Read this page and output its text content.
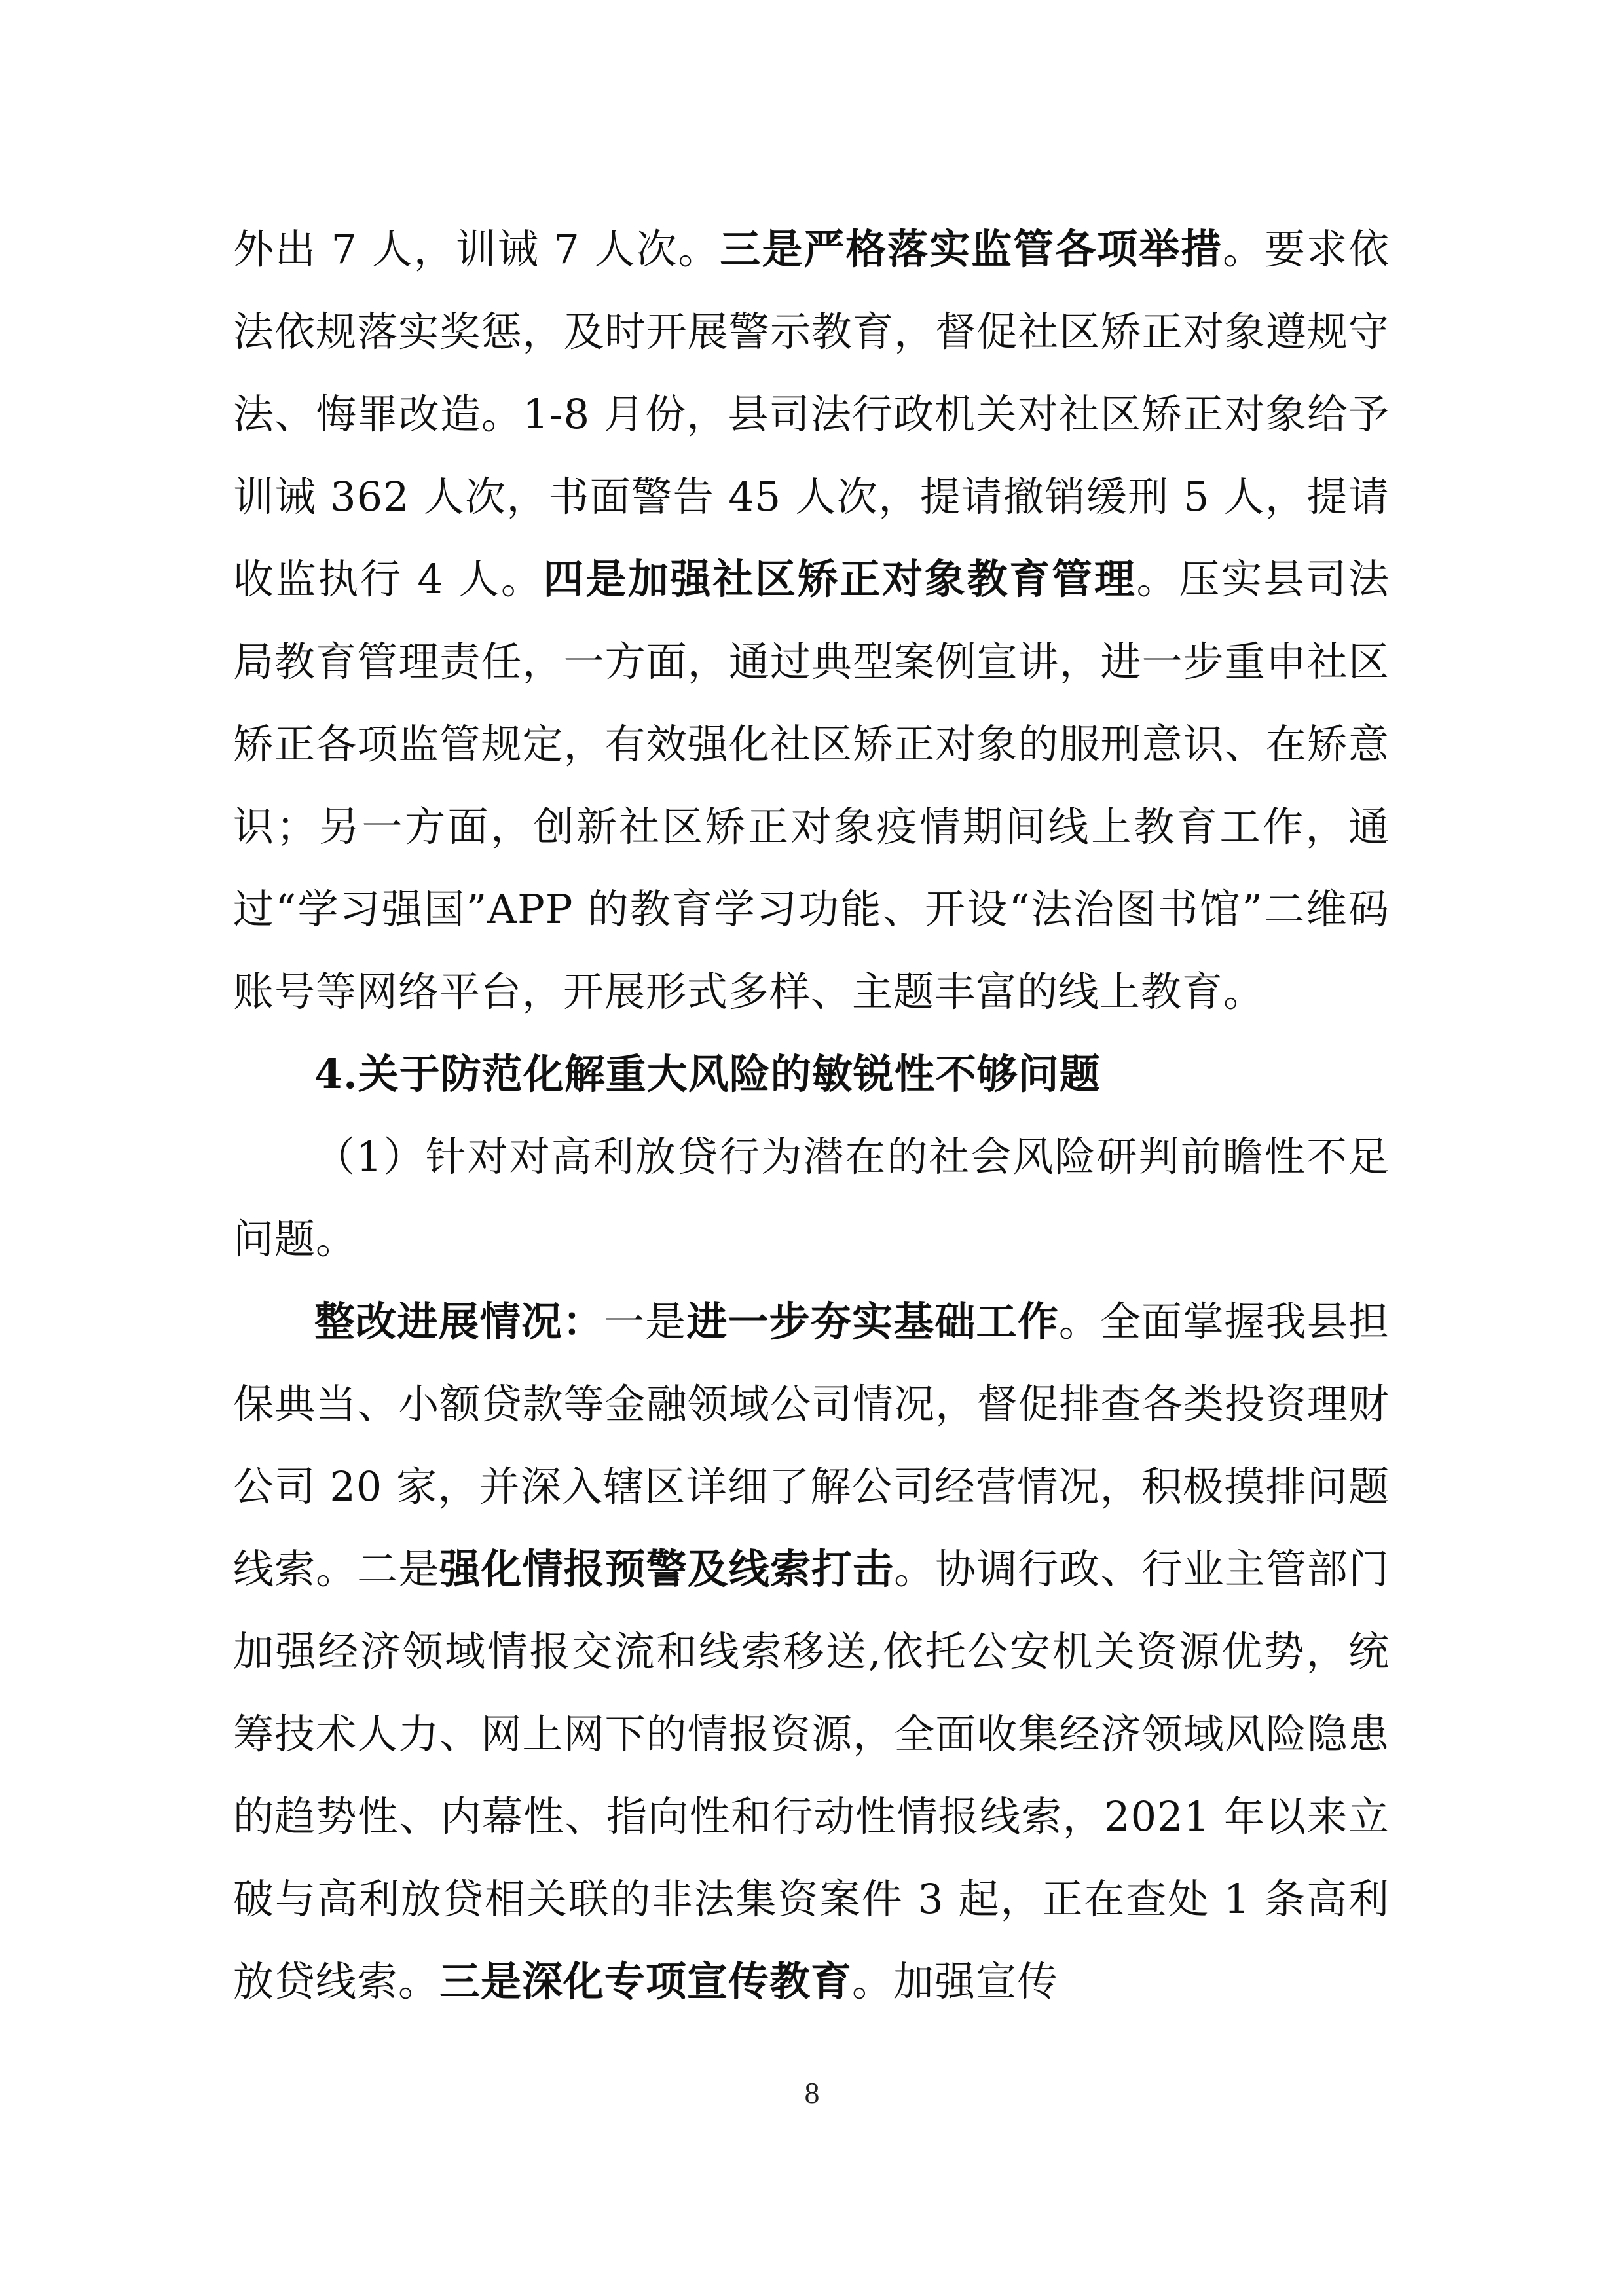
外出 7 人，训诫 7 人次。三是严格落实监管各项举措。要求依法依规落实奖惩，及时开展警示教育，督促社区矫正对象遵规守法、悔罪改造。1-8 月份，县司法行政机关对社区矫正对象给予训诫 362 人次，书面警告 45 人次，提请撤销缓刑 5 人，提请收监执行 4 人。四是加强社区矫正对象教育管理。压实县司法局教育管理责任，一方面，通过典型案例宣讲，进一步重申社区矫正各项监管规定，有效强化社区矫正对象的服刑意识、在矫意识；另一方面，创新社区矫正对象疫情期间线上教育工作，通过“学习强国”APP 的教育学习功能、开设“法治图书馆”二维码账号等网络平台，开展形式多样、主题丰富的线上教育。

4.关于防范化解重大风险的敏锐性不够问题

（1）针对对高利放贷行为潜在的社会风险研判前瞻性不足问题。

整改进展情况：一是进一步夯实基础工作。全面掌握我县担保典当、小额贷款等金融领域公司情况，督促排查各类投资理财公司 20 家，并深入辖区详细了解公司经营情况，积极摸排问题线索。二是强化情报预警及线索打击。协调行政、行业主管部门加强经济领域情报交流和线索移送,依托公安机关资源优势，统筹技术人力、网上网下的情报资源，全面收集经济领域风险隐患的趋势性、内幕性、指向性和行动性情报线索，2021 年以来立破与高利放贷相关联的非法集资案件 3 起，正在查处 1 条高利放贷线索。三是深化专项宣传教育。加强宣传

8
